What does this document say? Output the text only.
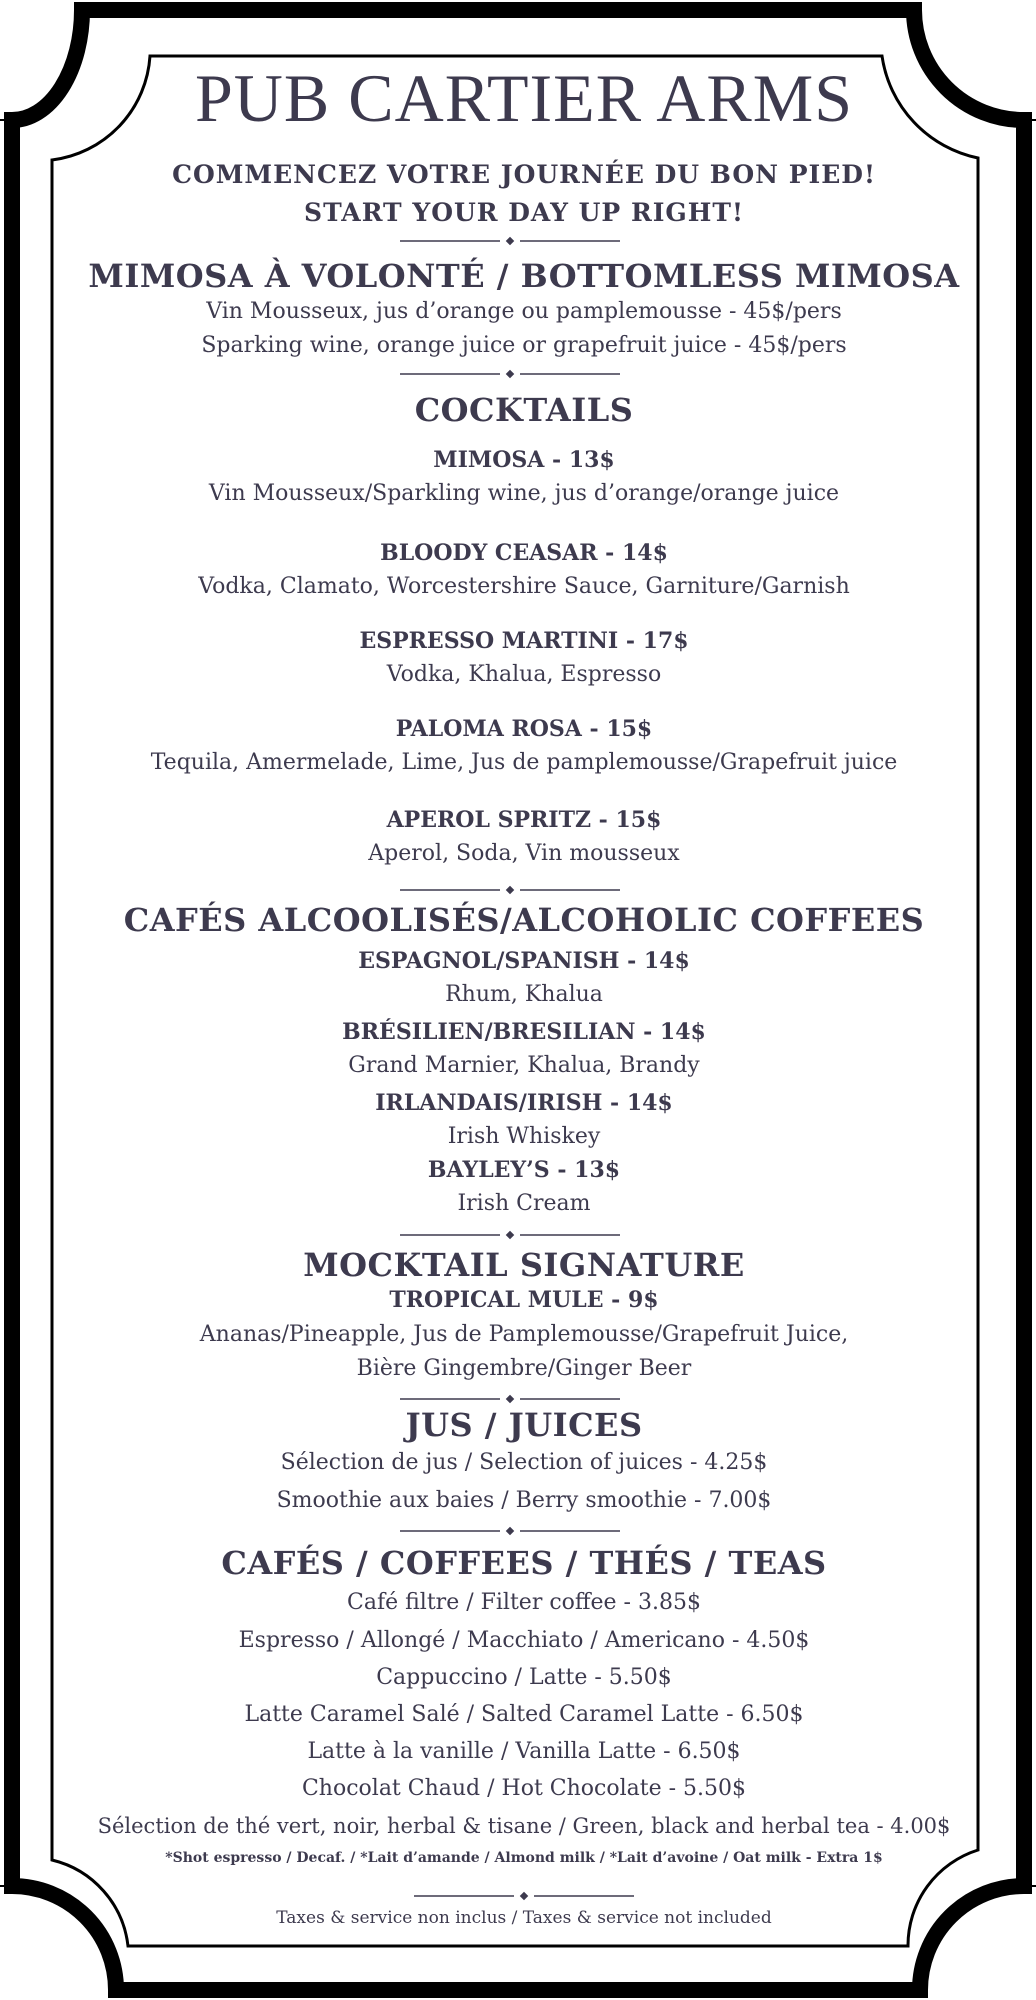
PUB CARTIER ARMS
COMMENCEZ VOTRE JOURNÉE DU BON PIED!
START YOUR DAY UP RIGHT!
MIMOSA À VOLONTÉ / BOTTOMLESS MIMOSA
Vin Mousseux, jus d’orange ou pamplemousse - 45$/pers
Sparking wine, orange juice or grapefruit juice - 45$/pers
COCKTAILS
MIMOSA - 13$
Vin Mousseux/Sparkling wine, jus d’orange/orange juice
BLOODY CEASAR - 14$
Vodka, Clamato, Worcestershire Sauce, Garniture/Garnish
ESPRESSO MARTINI - 17$
Vodka, Khalua, Espresso
PALOMA ROSA - 15$
Tequila, Amermelade, Lime, Jus de pamplemousse/Grapefruit juice
APEROL SPRITZ - 15$
Aperol, Soda, Vin mousseux
CAFÉS ALCOOLISÉS/ALCOHOLIC COFFEES
ESPAGNOL/SPANISH - 14$
Rhum, Khalua
BRÉSILIEN/BRESILIAN - 14$
Grand Marnier, Khalua, Brandy
IRLANDAIS/IRISH - 14$
Irish Whiskey
BAYLEY’S - 13$
Irish Cream
MOCKTAIL SIGNATURE
TROPICAL MULE - 9$
Ananas/Pineapple, Jus de Pamplemousse/Grapefruit Juice,
Bière Gingembre/Ginger Beer
JUS / JUICES
Sélection de jus / Selection of juices - 4.25$
Smoothie aux baies / Berry smoothie - 7.00$
CAFÉS / COFFEES / THÉS / TEAS
Café filtre / Filter coffee - 3.85$
Espresso / Allongé / Macchiato / Americano - 4.50$
Cappuccino / Latte - 5.50$
Latte Caramel Salé / Salted Caramel Latte - 6.50$
Latte à la vanille / Vanilla Latte - 6.50$
Chocolat Chaud / Hot Chocolate - 5.50$
Sélection de thé vert, noir, herbal & tisane / Green, black and herbal tea - 4.00$
*Shot espresso / Decaf. / *Lait d’amande / Almond milk / *Lait d’avoine / Oat milk - Extra 1$
Taxes & service non inclus / Taxes & service not included
